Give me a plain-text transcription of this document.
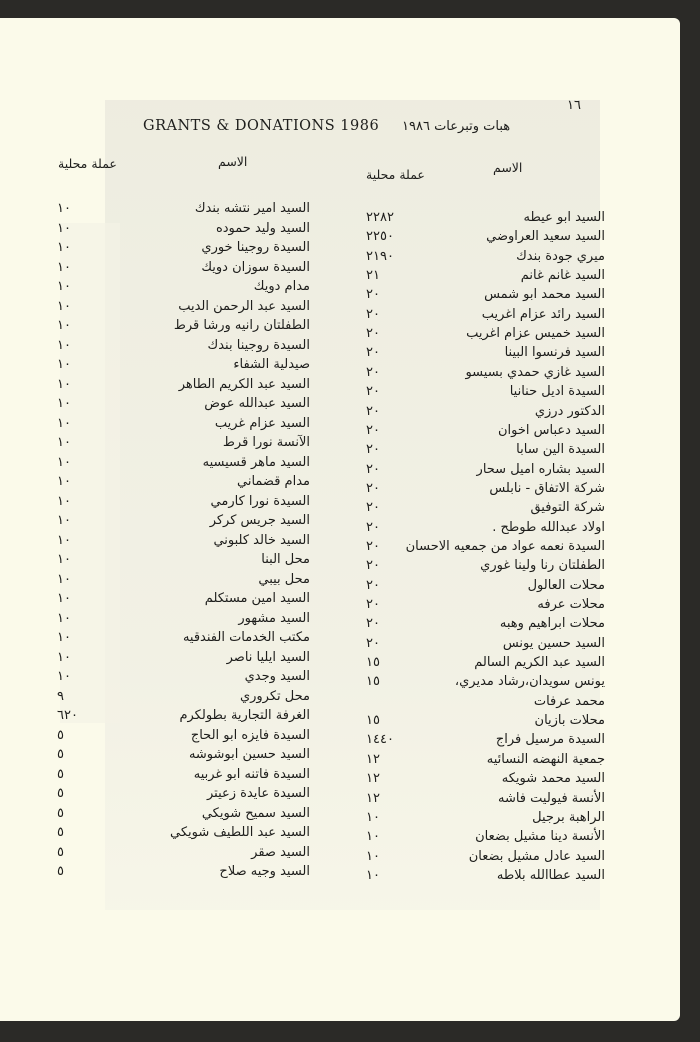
١٦
GRANTS & DONATIONS 1986 هبات وتبرعات ١٩٨٦
الاسم
عملة محلية
الاسم
عملة محلية
السيد ابو عيطه
٢٢٨٢
السيد سعيد العراوضي
٢٢٥٠
ميري جودة بندك
٢١٩٠
السيد غانم غانم
٢١
السيد محمد ابو شمس
٢٠
السيد رائد عزام اغريب
٢٠
السيد خميس عزام اغريب
٢٠
السيد فرنسوا البينا
٢٠
السيد غازي حمدي بسيسو
٢٠
السيدة اديل حنانيا
٢٠
الدكتور درزي
٢٠
السيد دعباس اخوان
٢٠
السيدة الين سابا
٢٠
السيد بشاره اميل سحار
٢٠
شركة الاتفاق - نابلس
٢٠
شركة التوفيق
٢٠
اولاد عبدالله طوطح .
٢٠
السيدة نعمه عواد من جمعيه الاحسان
٢٠
الطفلتان رنا ولينا غوري
٢٠
محلات العالول
٢٠
محلات عرفه
٢٠
محلات ابراهيم وهبه
٢٠
السيد حسين يونس
٢٠
السيد عبد الكريم السالم
١٥
يونس سويدان،رشاد مديري،
١٥
محمد عرفات
محلات بازيان
١٥
السيدة مرسيل فراج
١٤٤٠
جمعية النهضه النسائيه
١٢
السيد محمد شويكه
١٢
الأنسة فيوليت فاشه
١٢
الراهبة برجيل
١٠
الأنسة دينا مشيل بضعان
١٠
السيد عادل مشيل بضعان
١٠
السيد عطاالله بلاطه
١٠
السيد امير نتشه بندك
١٠
السيد وليد حموده
١٠
السيدة روجينا خوري
١٠
السيدة سوزان دويك
١٠
مدام دويك
١٠
السيد عبد الرحمن الديب
١٠
الطفلتان رانيه ورشا قرط
١٠
السيدة روجينا بندك
١٠
صيدلية الشفاء
١٠
السيد عبد الكريم الطاهر
١٠
السيد عبدالله عوض
١٠
السيد عزام غريب
١٠
الآنسة نورا قرط
١٠
السيد ماهر قسيسيه
١٠
مدام قضماني
١٠
السيدة نورا كارمي
١٠
السيد جريس كركر
١٠
السيد خالد كلبوني
١٠
محل البنا
١٠
محل بيبي
١٠
السيد امين مستكلم
١٠
السيد مشهور
١٠
مكتب الخدمات الفندقيه
١٠
السيد ايليا ناصر
١٠
السيد وجدي
١٠
محل تكروري
٩
الغرفة التجارية بطولكرم
٦٢٠
السيدة فايزه ابو الحاج
٥
السيد حسين ابوشوشه
٥
السيدة فاتنه ابو غربيه
٥
السيدة عايدة زعيتر
٥
السيد سميح شويكي
٥
السيد عبد اللطيف شويكي
٥
السيد صقر
٥
السيد وجيه صلاح
٥
